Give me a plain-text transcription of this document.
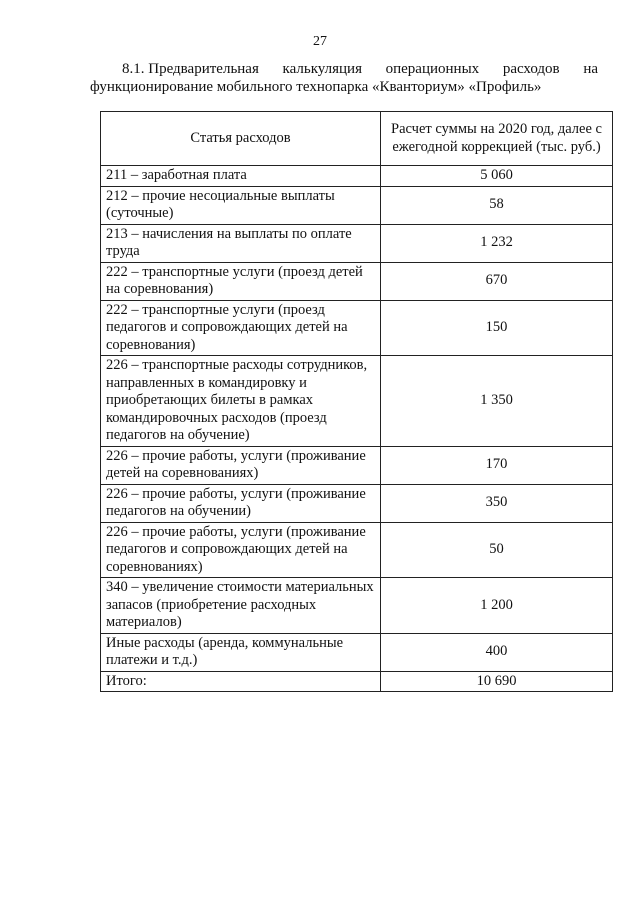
27
8.1. Предварительная калькуляция операционных расходов на
функционирование мобильного технопарка «Кванториум» «Профиль»
Статья расходов	Расчет суммы на 2020 год, далее с ежегодной коррекцией (тыс. руб.)
211 – заработная плата	5 060
212 – прочие несоциальные выплаты (суточные)	58
213 – начисления на выплаты по оплате труда	1 232
222 – транспортные услуги (проезд детей на соревнования)	670
222 – транспортные услуги (проезд педагогов и сопровождающих детей на соревнования)	150
226 – транспортные расходы сотрудников, направленных в командировку и приобретающих билеты в рамках командировочных расходов (проезд педагогов на обучение)	1 350
226 – прочие работы, услуги (проживание детей на соревнованиях)	170
226 – прочие работы, услуги (проживание педагогов на обучении)	350
226 – прочие работы, услуги (проживание педагогов и сопровождающих детей на соревнованиях)	50
340 – увеличение стоимости материальных запасов (приобретение расходных материалов)	1 200
Иные расходы (аренда, коммунальные платежи и т.д.)	400
Итого:	10 690
